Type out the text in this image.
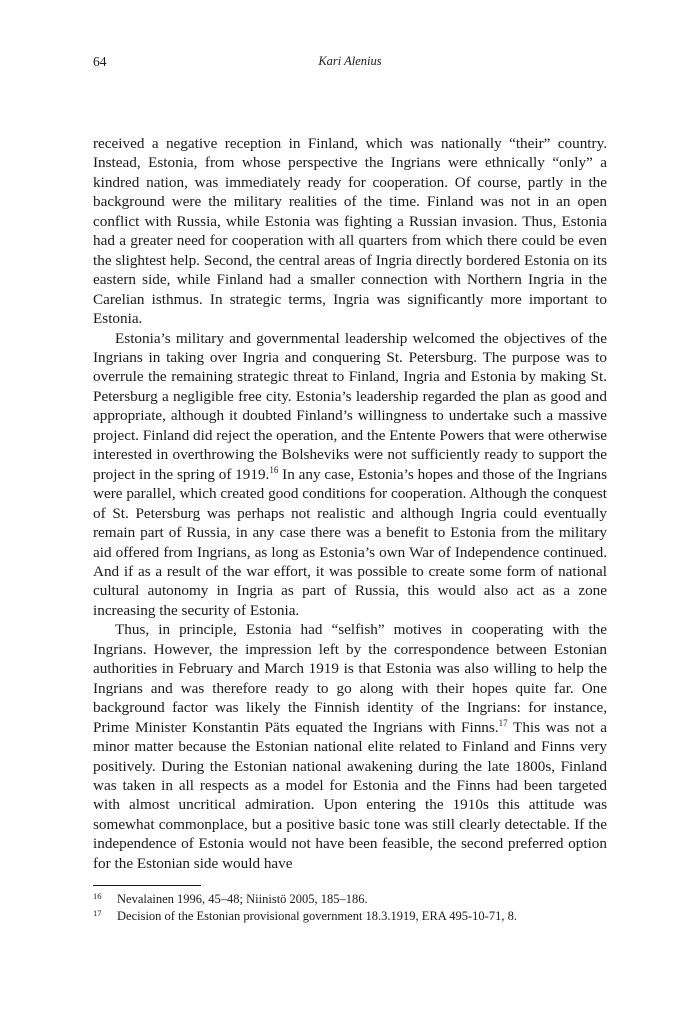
64	Kari Alenius

received a negative reception in Finland, which was nationally “their” country. Instead, Estonia, from whose perspective the Ingrians were ethnically “only” a kindred nation, was immediately ready for cooperation. Of course, partly in the background were the military realities of the time. Finland was not in an open conflict with Russia, while Estonia was fighting a Russian invasion. Thus, Estonia had a greater need for cooperation with all quarters from which there could be even the slightest help. Second, the central areas of Ingria directly bordered Estonia on its eastern side, while Finland had a smaller connection with Northern Ingria in the Carelian isthmus. In strategic terms, Ingria was significantly more important to Estonia.

Estonia’s military and governmental leadership welcomed the objectives of the Ingrians in taking over Ingria and conquering St. Petersburg. The purpose was to overrule the remaining strategic threat to Finland, Ingria and Estonia by making St. Petersburg a negligible free city. Estonia’s leadership regarded the plan as good and appropriate, although it doubted Finland’s willingness to undertake such a massive project. Finland did reject the operation, and the Entente Powers that were otherwise interested in overthrowing the Bolsheviks were not sufficiently ready to support the project in the spring of 1919.16 In any case, Estonia’s hopes and those of the Ingrians were parallel, which created good conditions for cooperation. Although the conquest of St. Petersburg was perhaps not realistic and although Ingria could eventually remain part of Russia, in any case there was a benefit to Estonia from the military aid offered from Ingrians, as long as Estonia’s own War of Independence continued. And if as a result of the war effort, it was possible to create some form of national cultural autonomy in Ingria as part of Russia, this would also act as a zone increasing the security of Estonia.

Thus, in principle, Estonia had “selfish” motives in cooperating with the Ingrians. However, the impression left by the correspondence between Estonian authorities in February and March 1919 is that Estonia was also willing to help the Ingrians and was therefore ready to go along with their hopes quite far. One background factor was likely the Finnish identity of the Ingrians: for instance, Prime Minister Konstantin Päts equated the Ingrians with Finns.$^{17}$ This was not a minor matter because the Estonian national elite related to Finland and Finns very positively. During the Estonian national awakening during the late 1800s, Finland was taken in all respects as a model for Estonia and the Finns had been targeted with almost uncritical admiration. Upon entering the 1910s this attitude was somewhat commonplace, but a positive basic tone was still clearly detectable. If the independence of Estonia would not have been feasible, the second preferred option for the Estonian side would have

16 Nevalainen 1996, 45–48; Niinistö 2005, 185–186.
17 Decision of the Estonian provisional government 18.3.1919, ERA 495-10-71, 8.
